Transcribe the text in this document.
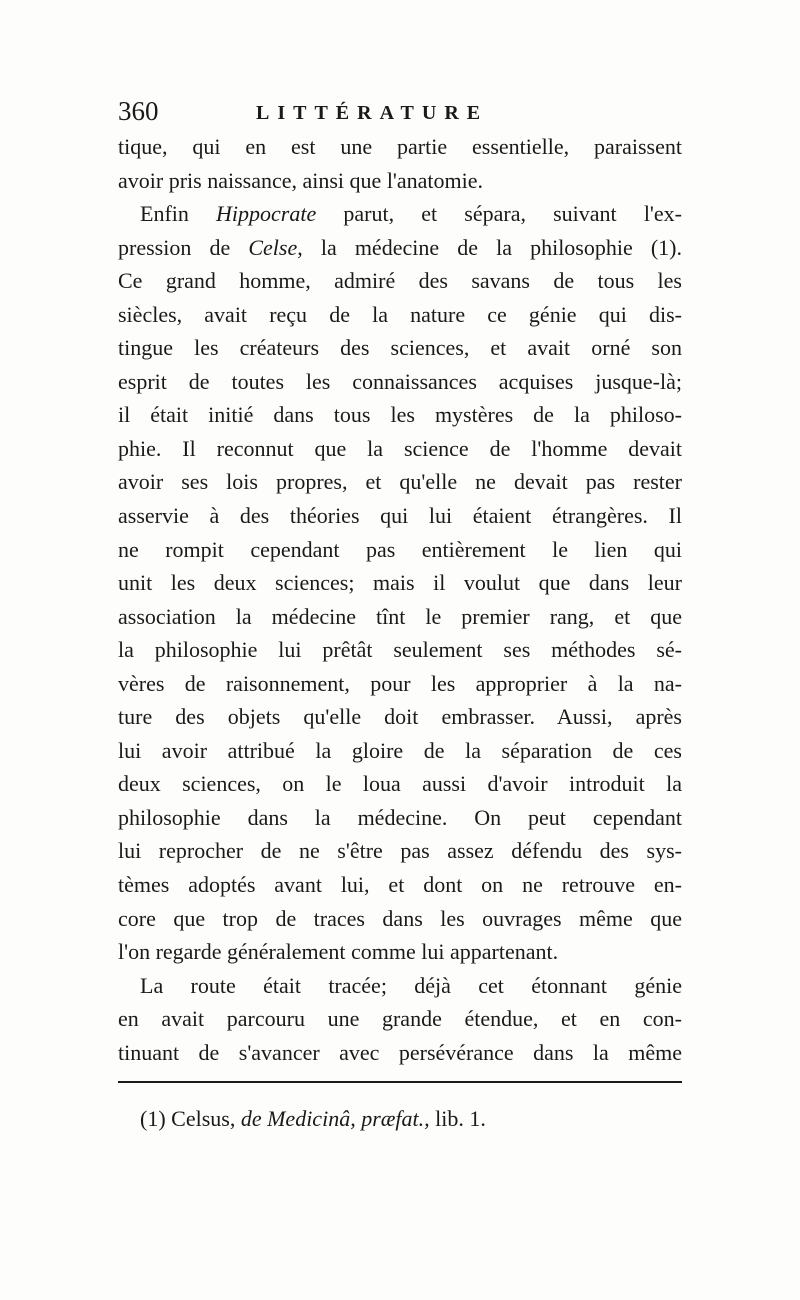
360	LITTÉRATURE
tique, qui en est une partie essentielle, paraissent
avoir pris naissance, ainsi que l'anatomie.
Enfin Hippocrate parut, et sépara, suivant l'ex-
pression de Celse, la médecine de la philosophie (1).
Ce grand homme, admiré des savans de tous les
siècles, avait reçu de la nature ce génie qui dis-
tingue les créateurs des sciences, et avait orné son
esprit de toutes les connaissances acquises jusque-là;
il était initié dans tous les mystères de la philoso-
phie. Il reconnut que la science de l'homme devait
avoir ses lois propres, et qu'elle ne devait pas rester
asservie à des théories qui lui étaient étrangères. Il
ne rompit cependant pas entièrement le lien qui
unit les deux sciences; mais il voulut que dans leur
association la médecine tînt le premier rang, et que
la philosophie lui prêtât seulement ses méthodes sé-
vères de raisonnement, pour les approprier à la na-
ture des objets qu'elle doit embrasser. Aussi, après
lui avoir attribué la gloire de la séparation de ces
deux sciences, on le loua aussi d'avoir introduit la
philosophie dans la médecine. On peut cependant
lui reprocher de ne s'être pas assez défendu des sys-
tèmes adoptés avant lui, et dont on ne retrouve en-
core que trop de traces dans les ouvrages même que
l'on regarde généralement comme lui appartenant.
La route était tracée; déjà cet étonnant génie
en avait parcouru une grande étendue, et en con-
tinuant de s'avancer avec persévérance dans la même
(1) Celsus, de Medicinâ, præfat., lib. 1.
